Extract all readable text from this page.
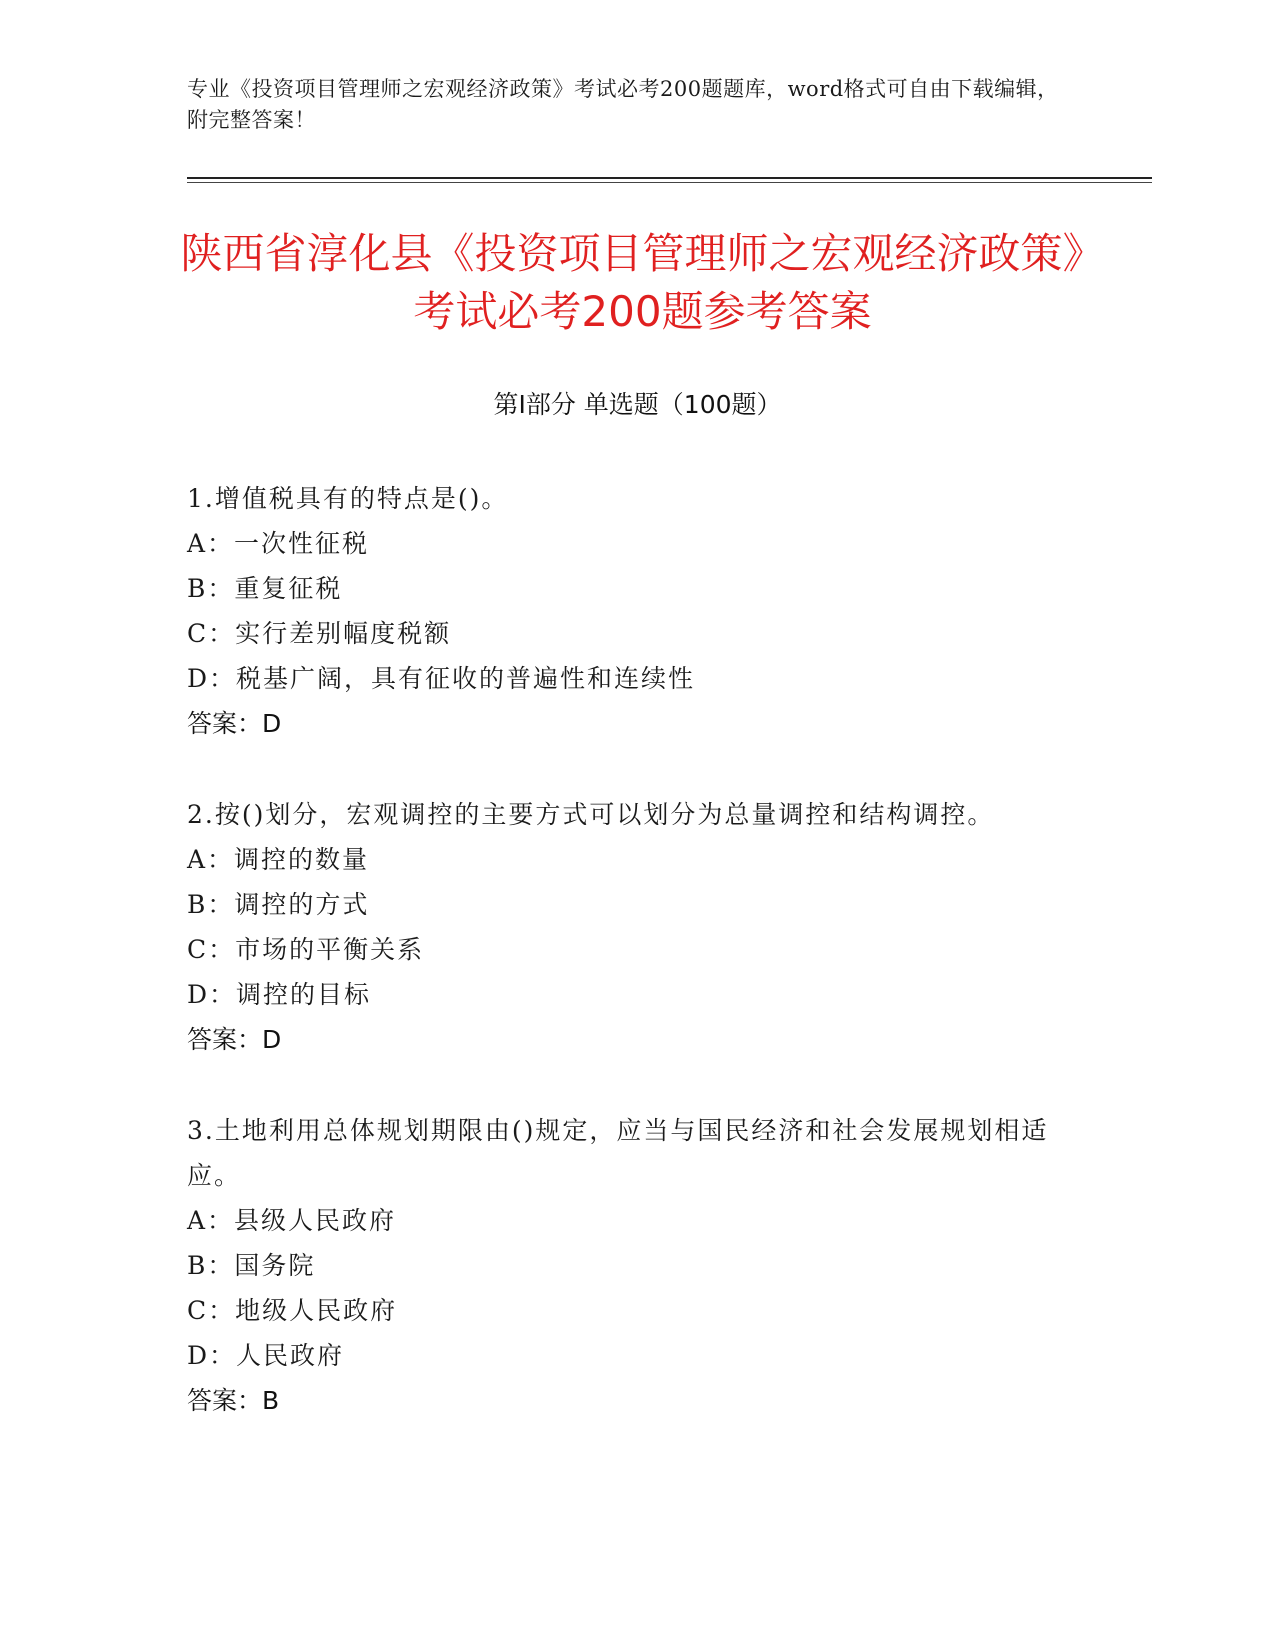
专业《投资项目管理师之宏观经济政策》考试必考200题题库，word格式可自由下载编辑，附完整答案！
陕西省淳化县《投资项目管理师之宏观经济政策》考试必考200题参考答案
第Ⅰ部分 单选题（100题）

1.增值税具有的特点是()。

A：一次性征税

B：重复征税

C：实行差别幅度税额

D：税基广阔，具有征收的普遍性和连续性

答案：D

2.按()划分，宏观调控的主要方式可以划分为总量调控和结构调控。

A：调控的数量

B：调控的方式

C：市场的平衡关系

D：调控的目标

答案：D

3.土地利用总体规划期限由()规定，应当与国民经济和社会发展规划相适应。

A：县级人民政府

B：国务院

C：地级人民政府

D：人民政府

答案：B
